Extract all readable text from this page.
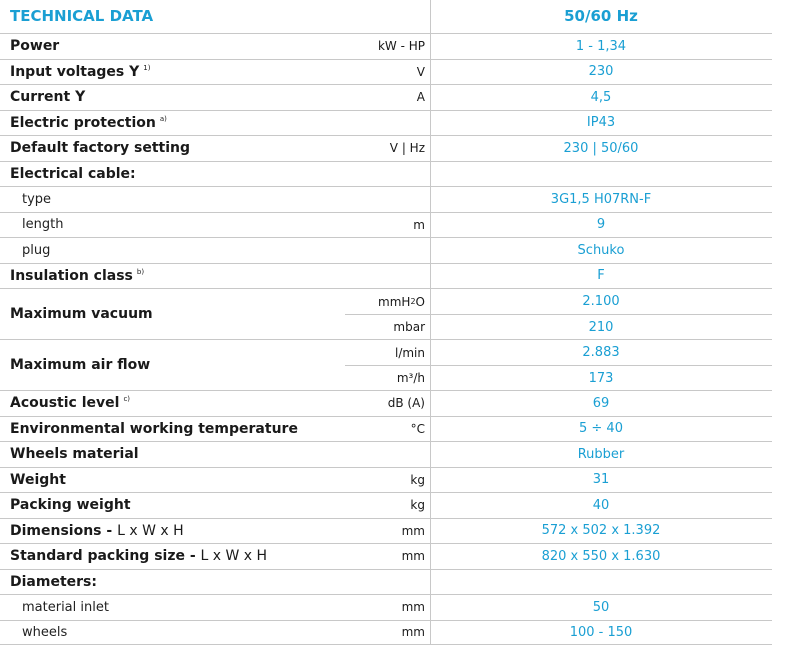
TECHNICAL DATA	50/60 Hz
Power	kW - HP	1 - 1,34
Input voltages Y $^{1)}$	V	230
Current Y	A	4,5
Electric protection $^{a)}$	IP43
Default factory setting	V | Hz	230 | 50/60
Electrical cable:
type	3G1,5 H07RN-F
length	m	9
plug	Schuko
Insulation class $^{b)}$	F
Maximum vacuum
mmH 2 O	2.100
mbar	210
Maximum air flow
l/min	2.883
m³/h	173
Acoustic level $^{c)}$	dB (A)	69
Environmental working temperature	°C	5 ÷ 40
Wheels material	Rubber
Weight	kg	31
Packing weight	kg	40
Dimensions - L x W x H	mm	572 x 502 x 1.392
Standard packing size - L x W x H	mm	820 x 550 x 1.630
Diameters:
material inlet	mm	50
wheels	mm	100 - 150
